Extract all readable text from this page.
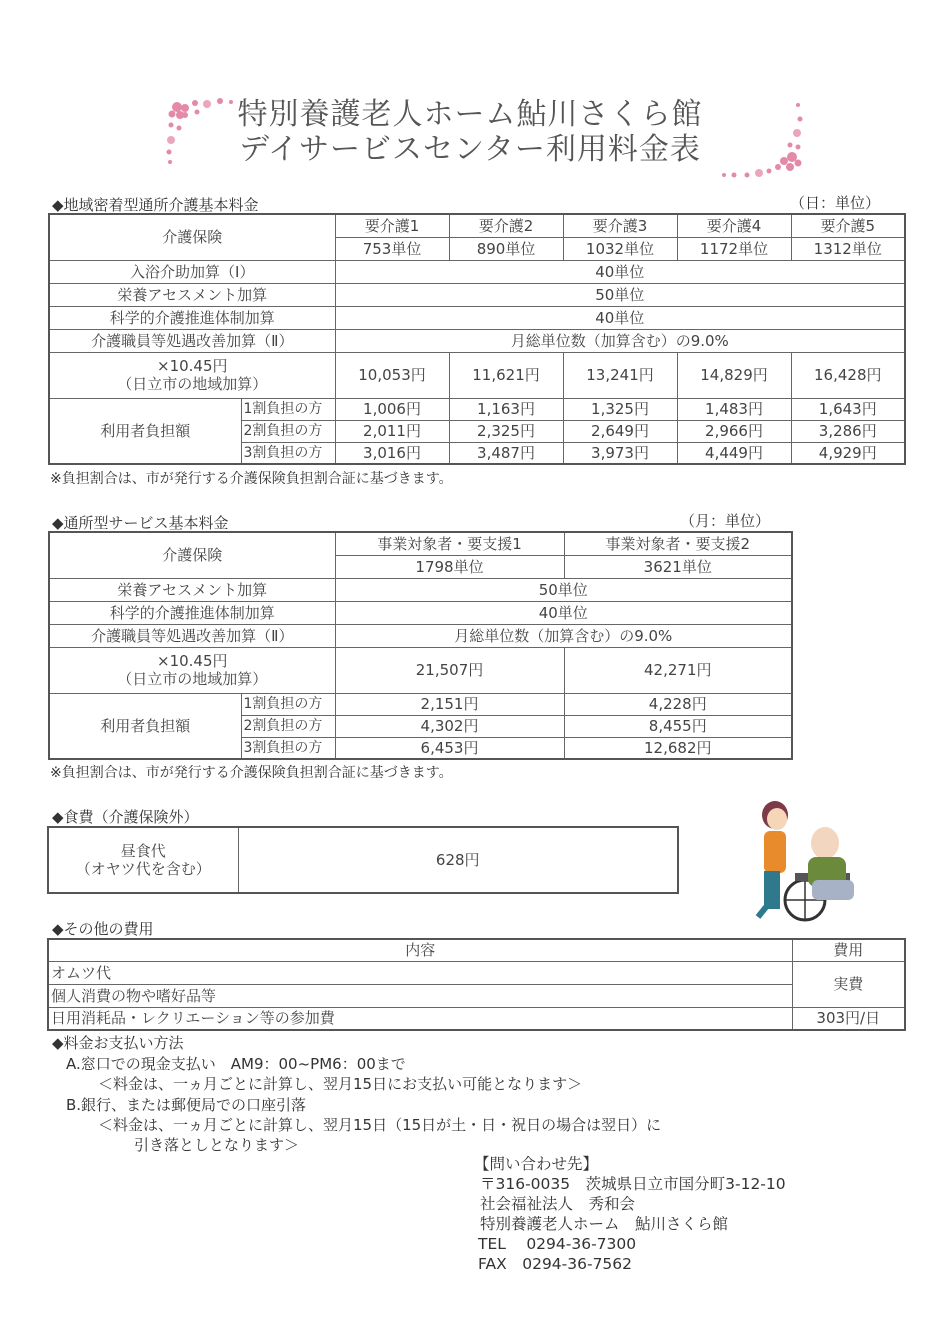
特別養護老人ホーム鮎川さくら館
デイサービスセンター利用料金表
◆地域密着型通所介護基本料金	（日：単位）
介護保険		要介護1	要介護2	要介護3	要介護4	要介護5
		753単位	890単位	1032単位	1172単位	1312単位
入浴介助加算（Ⅰ）		40単位				
栄養アセスメント加算		50単位				
科学的介護推進体制加算		40単位				
介護職員等処遇改善加算（Ⅱ）		月総単位数（加算含む）の9.0%				

×10.45円
（日立市の地域加算）		10,053円	11,621円	13,241円	14,829円	16,428円
利用者負担額	1割負担の方	1,006円	1,163円	1,325円	1,483円	1,643円
	2割負担の方	2,011円	2,325円	2,649円	2,966円	3,286円
	3割負担の方	3,016円	3,487円	3,973円	4,449円	4,929円
※負担割合は、市が発行する介護保険負担割合証に基づきます。
◆通所型サービス基本料金	（月：単位）
介護保険		事業対象者・要支援1	事業対象者・要支援2
		1798単位	3621単位
栄養アセスメント加算		50単位	
科学的介護推進体制加算		40単位	
介護職員等処遇改善加算（Ⅱ）		月総単位数（加算含む）の9.0%	

×10.45円
（日立市の地域加算）		21,507円	42,271円
利用者負担額	1割負担の方	2,151円	4,228円
	2割負担の方	4,302円	8,455円
	3割負担の方	6,453円	12,682円
※負担割合は、市が発行する介護保険負担割合証に基づきます。
◆食費（介護保険外）
昼食代
（オヤツ代を含む）	628円
◆その他の費用
内容	費用
オムツ代	実費
個人消費の物や嗜好品等	
日用消耗品・レクリエーション等の参加費	303円/日
◆料金お支払い方法
A.窓口での現金支払い　AM9：00~PM6：00まで
＜料金は、一ヵ月ごとに計算し、翌月15日にお支払い可能となります＞
B.銀行、または郵便局での口座引落
＜料金は、一ヵ月ごとに計算し、翌月15日（15日が土・日・祝日の場合は翌日）に
引き落としとなります＞
【問い合わせ先】
〒316-0035　茨城県日立市国分町3-12-10
社会福祉法人　秀和会
特別養護老人ホーム　鮎川さくら館
TEL　 0294-36-7300
FAX　0294-36-7562
